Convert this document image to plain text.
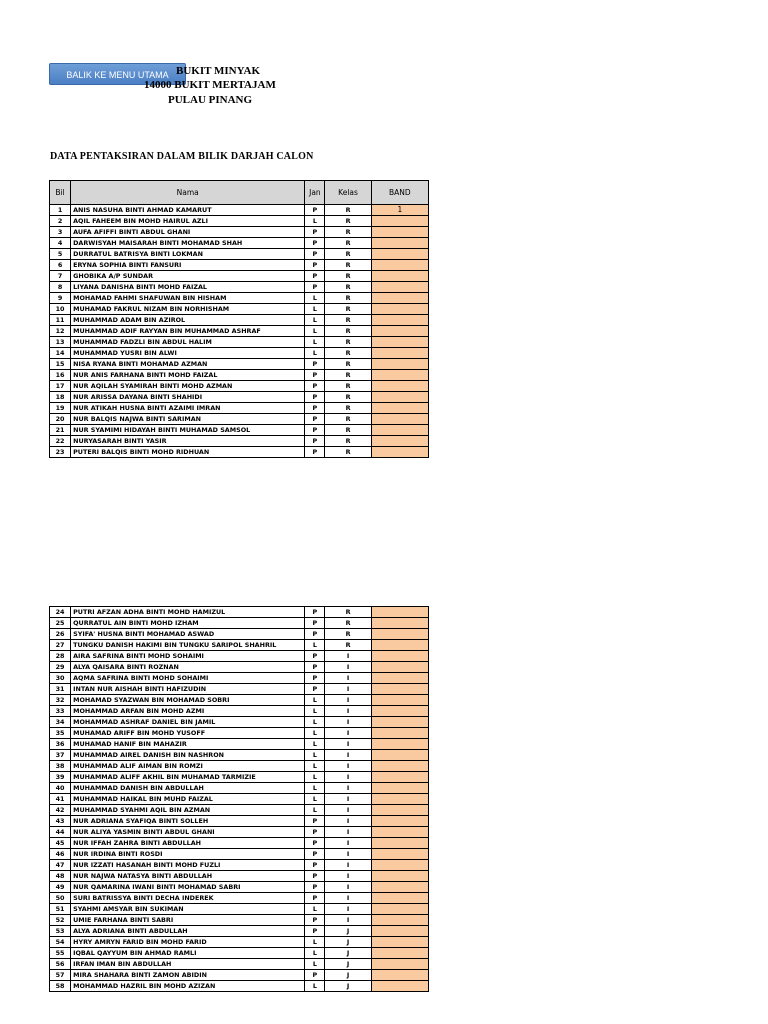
BALIK KE MENU UTAMA BUKIT MINYAK
14000 BUKIT MERTAJAM
PULAU PINANG
DATA PENTAKSIRAN DALAM BILIK DARJAH CALON
Bil	Nama	Jan	Kelas	BAND
1	ANIS NASUHA BINTI AHMAD KAMARUT	P	R	1
2	AQIL FAHEEM BIN MOHD HAIRUL AZLI	L	R	
3	AUFA AFIFFI BINTI ABDUL GHANI	P	R	
4	DARWISYAH MAISARAH BINTI MOHAMAD SHAH	P	R	
5	DURRATUL BATRISYA BINTI LOKMAN	P	R	
6	ERYNA SOPHIA BINTI FANSURI	P	R	
7	GHOBIKA A/P SUNDAR	P	R	
8	LIYANA DANISHA BINTI MOHD FAIZAL	P	R	
9	MOHAMAD FAHMI SHAFUWAN BIN HISHAM	L	R	
10	MUHAMAD FAKRUL NIZAM BIN NORHISHAM	L	R	
11	MUHAMMAD ADAM BIN AZIROL	L	R	
12	MUHAMMAD ADIF RAYYAN BIN MUHAMMAD ASHRAF	L	R	
13	MUHAMMAD FADZLI BIN ABDUL HALIM	L	R	
14	MUHAMMAD YUSRI BIN ALWI	L	R	
15	NISA RYANA BINTI MOHAMAD AZMAN	P	R	
16	NUR ANIS FARHANA BINTI MOHD FAIZAL	P	R	
17	NUR AQILAH SYAMIRAH BINTI MOHD AZMAN	P	R	
18	NUR ARISSA DAYANA BINTI SHAHIDI	P	R	
19	NUR ATIKAH HUSNA BINTI AZAIMI IMRAN	P	R	
20	NUR BALQIS NAJWA BINTI SARIMAN	P	R	
21	NUR SYAMIMI HIDAYAH BINTI MUHAMAD SAMSOL	P	R	
22	NURYASARAH BINTI YASIR	P	R	
23	PUTERI BALQIS BINTI MOHD RIDHUAN	P	R	
24	PUTRI AFZAN ADHA BINTI MOHD HAMIZUL	P	R	
25	QURRATUL AIN BINTI MOHD IZHAM	P	R	
26	SYIFA' HUSNA BINTI MOHAMAD ASWAD	P	R	
27	TUNGKU DANISH HAKIMI BIN TUNGKU SARIPOL SHAHRIL	L	R	
28	AIRA SAFRINA BINTI MOHD SOHAIMI	P	I	
29	ALYA QAISARA BINTI ROZNAN	P	I	
30	AQMA SAFRINA BINTI MOHD SOHAIMI	P	I	
31	INTAN NUR AISHAH BINTI HAFIZUDIN	P	I	
32	MOHAMAD SYAZWAN BIN MOHAMAD SOBRI	L	I	
33	MOHAMMAD ARFAN BIN MOHD AZMI	L	I	
34	MOHAMMAD ASHRAF DANIEL BIN JAMIL	L	I	
35	MUHAMAD ARIFF BIN MOHD YUSOFF	L	I	
36	MUHAMAD HANIF BIN MAHAZIR	L	I	
37	MUHAMMAD AIREL DANISH BIN NASHRON	L	I	
38	MUHAMMAD ALIF AIMAN BIN ROMZI	L	I	
39	MUHAMMAD ALIFF AKHIL BIN MUHAMAD TARMIZIE	L	I	
40	MUHAMMAD DANISH BIN ABDULLAH	L	I	
41	MUHAMMAD HAIKAL BIN MUHD FAIZAL	L	I	
42	MUHAMMAD SYAHMI AQIL BIN AZMAN	L	I	
43	NUR ADRIANA SYAFIQA BINTI SOLLEH	P	I	
44	NUR ALIYA YASMIN BINTI ABDUL GHANI	P	I	
45	NUR IFFAH ZAHRA BINTI ABDULLAH	P	I	
46	NUR IRDINA BINTI ROSDI	P	I	
47	NUR IZZATI HASANAH BINTI MOHD FUZLI	P	I	
48	NUR NAJWA NATASYA BINTI ABDULLAH	P	I	
49	NUR QAMARINA IWANI BINTI MOHAMAD SABRI	P	I	
50	SURI BATRISSYA BINTI DECHA INDEREK	P	I	
51	SYAHMI AMSYAR BIN SUKIMAN	L	I	
52	UMIE FARHANA BINTI SABRI	P	I	
53	ALYA ADRIANA BINTI ABDULLAH	P	J	
54	HYRY AMRYN FARID BIN MOHD FARID	L	J	
55	IQBAL QAYYUM BIN AHMAD RAMLI	L	J	
56	IRFAN IMAN BIN ABDULLAH	L	J	
57	MIRA SHAHARA BINTI ZAMON ABIDIN	P	J	
58	MOHAMMAD HAZRIL BIN MOHD AZIZAN	L	J	
